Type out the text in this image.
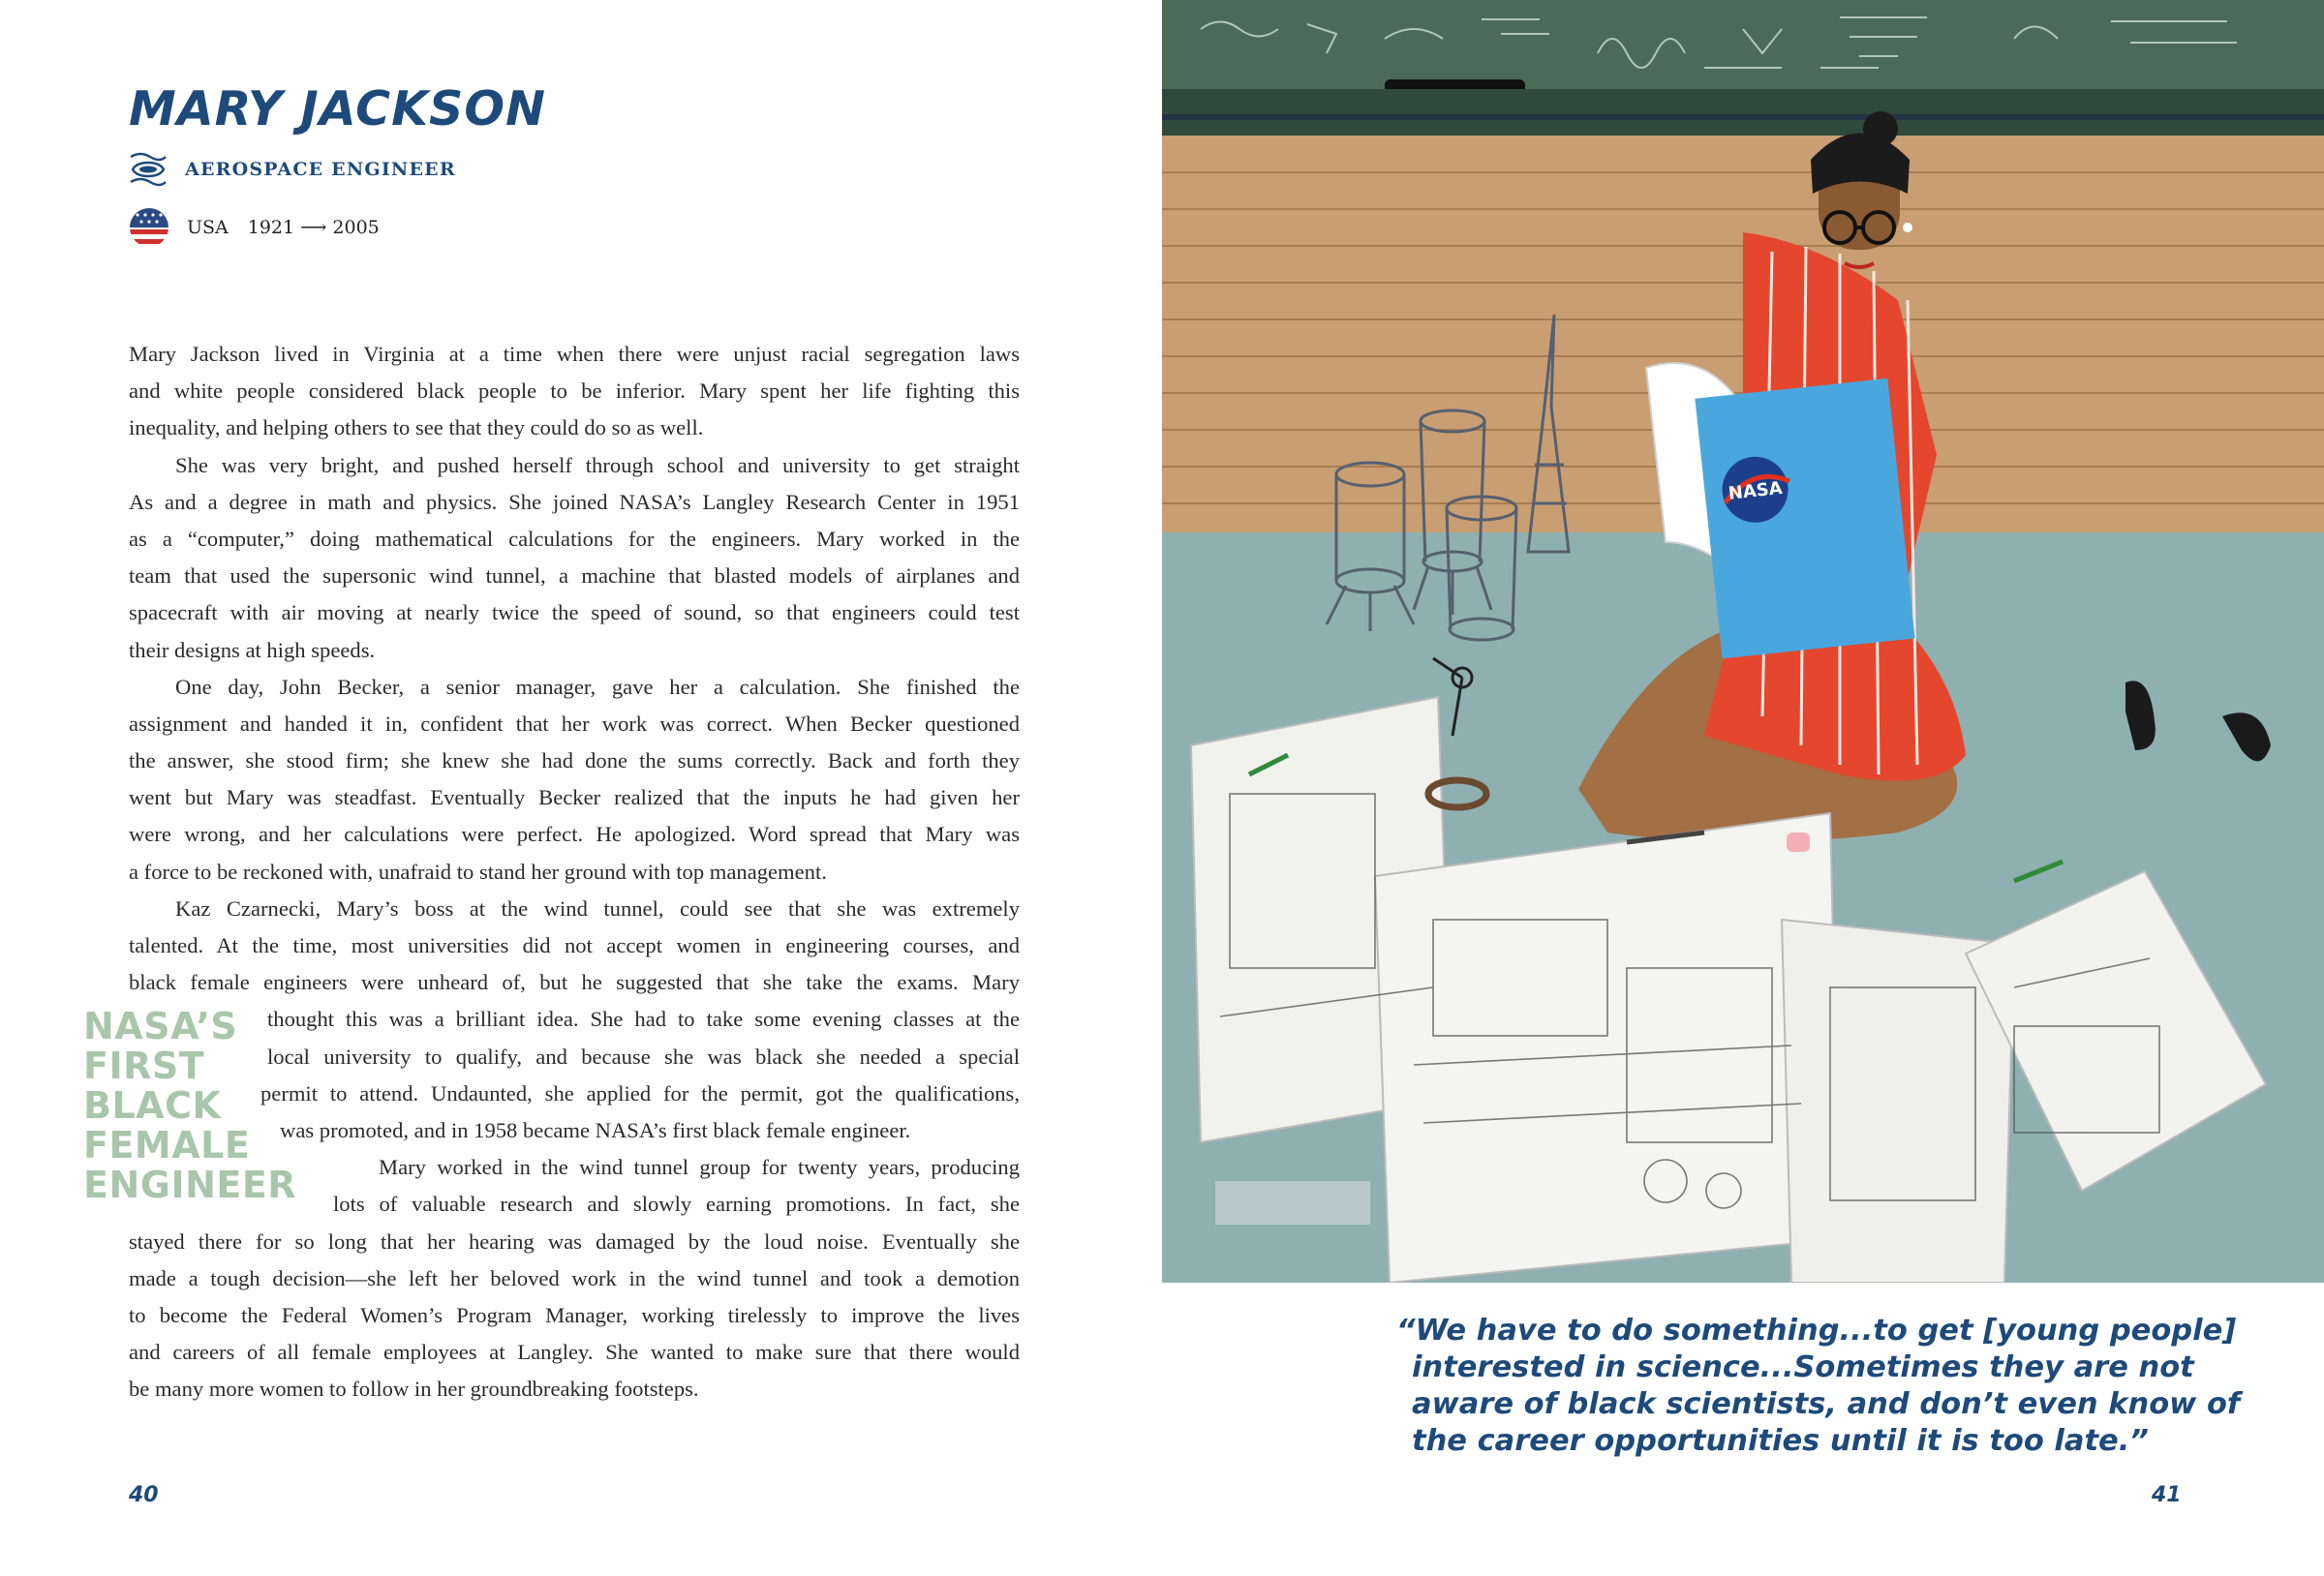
MARY JACKSON
AEROSPACE ENGINEER
USA 1921 ⟶ 2005
Mary Jackson lived in Virginia at a time when there were unjust racial segregation laws
and white people considered black people to be inferior. Mary spent her life fighting this
inequality, and helping others to see that they could do so as well.
She was very bright, and pushed herself through school and university to get straight
As and a degree in math and physics. She joined NASA’s Langley Research Center in 1951
as a “computer,” doing mathematical calculations for the engineers. Mary worked in the
team that used the supersonic wind tunnel, a machine that blasted models of airplanes and
spacecraft with air moving at nearly twice the speed of sound, so that engineers could test
their designs at high speeds.
One day, John Becker, a senior manager, gave her a calculation. She finished the
assignment and handed it in, confident that her work was correct. When Becker questioned
the answer, she stood firm; she knew she had done the sums correctly. Back and forth they
went but Mary was steadfast. Eventually Becker realized that the inputs he had given her
were wrong, and her calculations were perfect. He apologized. Word spread that Mary was
a force to be reckoned with, unafraid to stand her ground with top management.
Kaz Czarnecki, Mary’s boss at the wind tunnel, could see that she was extremely
talented. At the time, most universities did not accept women in engineering courses, and
black female engineers were unheard of, but he suggested that she take the exams. Mary
thought this was a brilliant idea. She had to take some evening classes at the
local university to qualify, and because she was black she needed a special
permit to attend. Undaunted, she applied for the permit, got the qualifications,
was promoted, and in 1958 became NASA’s first black female engineer.
Mary worked in the wind tunnel group for twenty years, producing
lots of valuable research and slowly earning promotions. In fact, she
stayed there for so long that her hearing was damaged by the loud noise. Eventually she
made a tough decision—she left her beloved work in the wind tunnel and took a demotion
to become the Federal Women’s Program Manager, working tirelessly to improve the lives
and careers of all female employees at Langley. She wanted to make sure that there would
be many more women to follow in her groundbreaking footsteps.

NASA’S
FIRST
BLACK
FEMALE
ENGINEER

40
NASA

“We have to do something...to get [young people]
interested in science...Sometimes they are not
aware of black scientists, and don’t even know of
the career opportunities until it is too late.”

41
